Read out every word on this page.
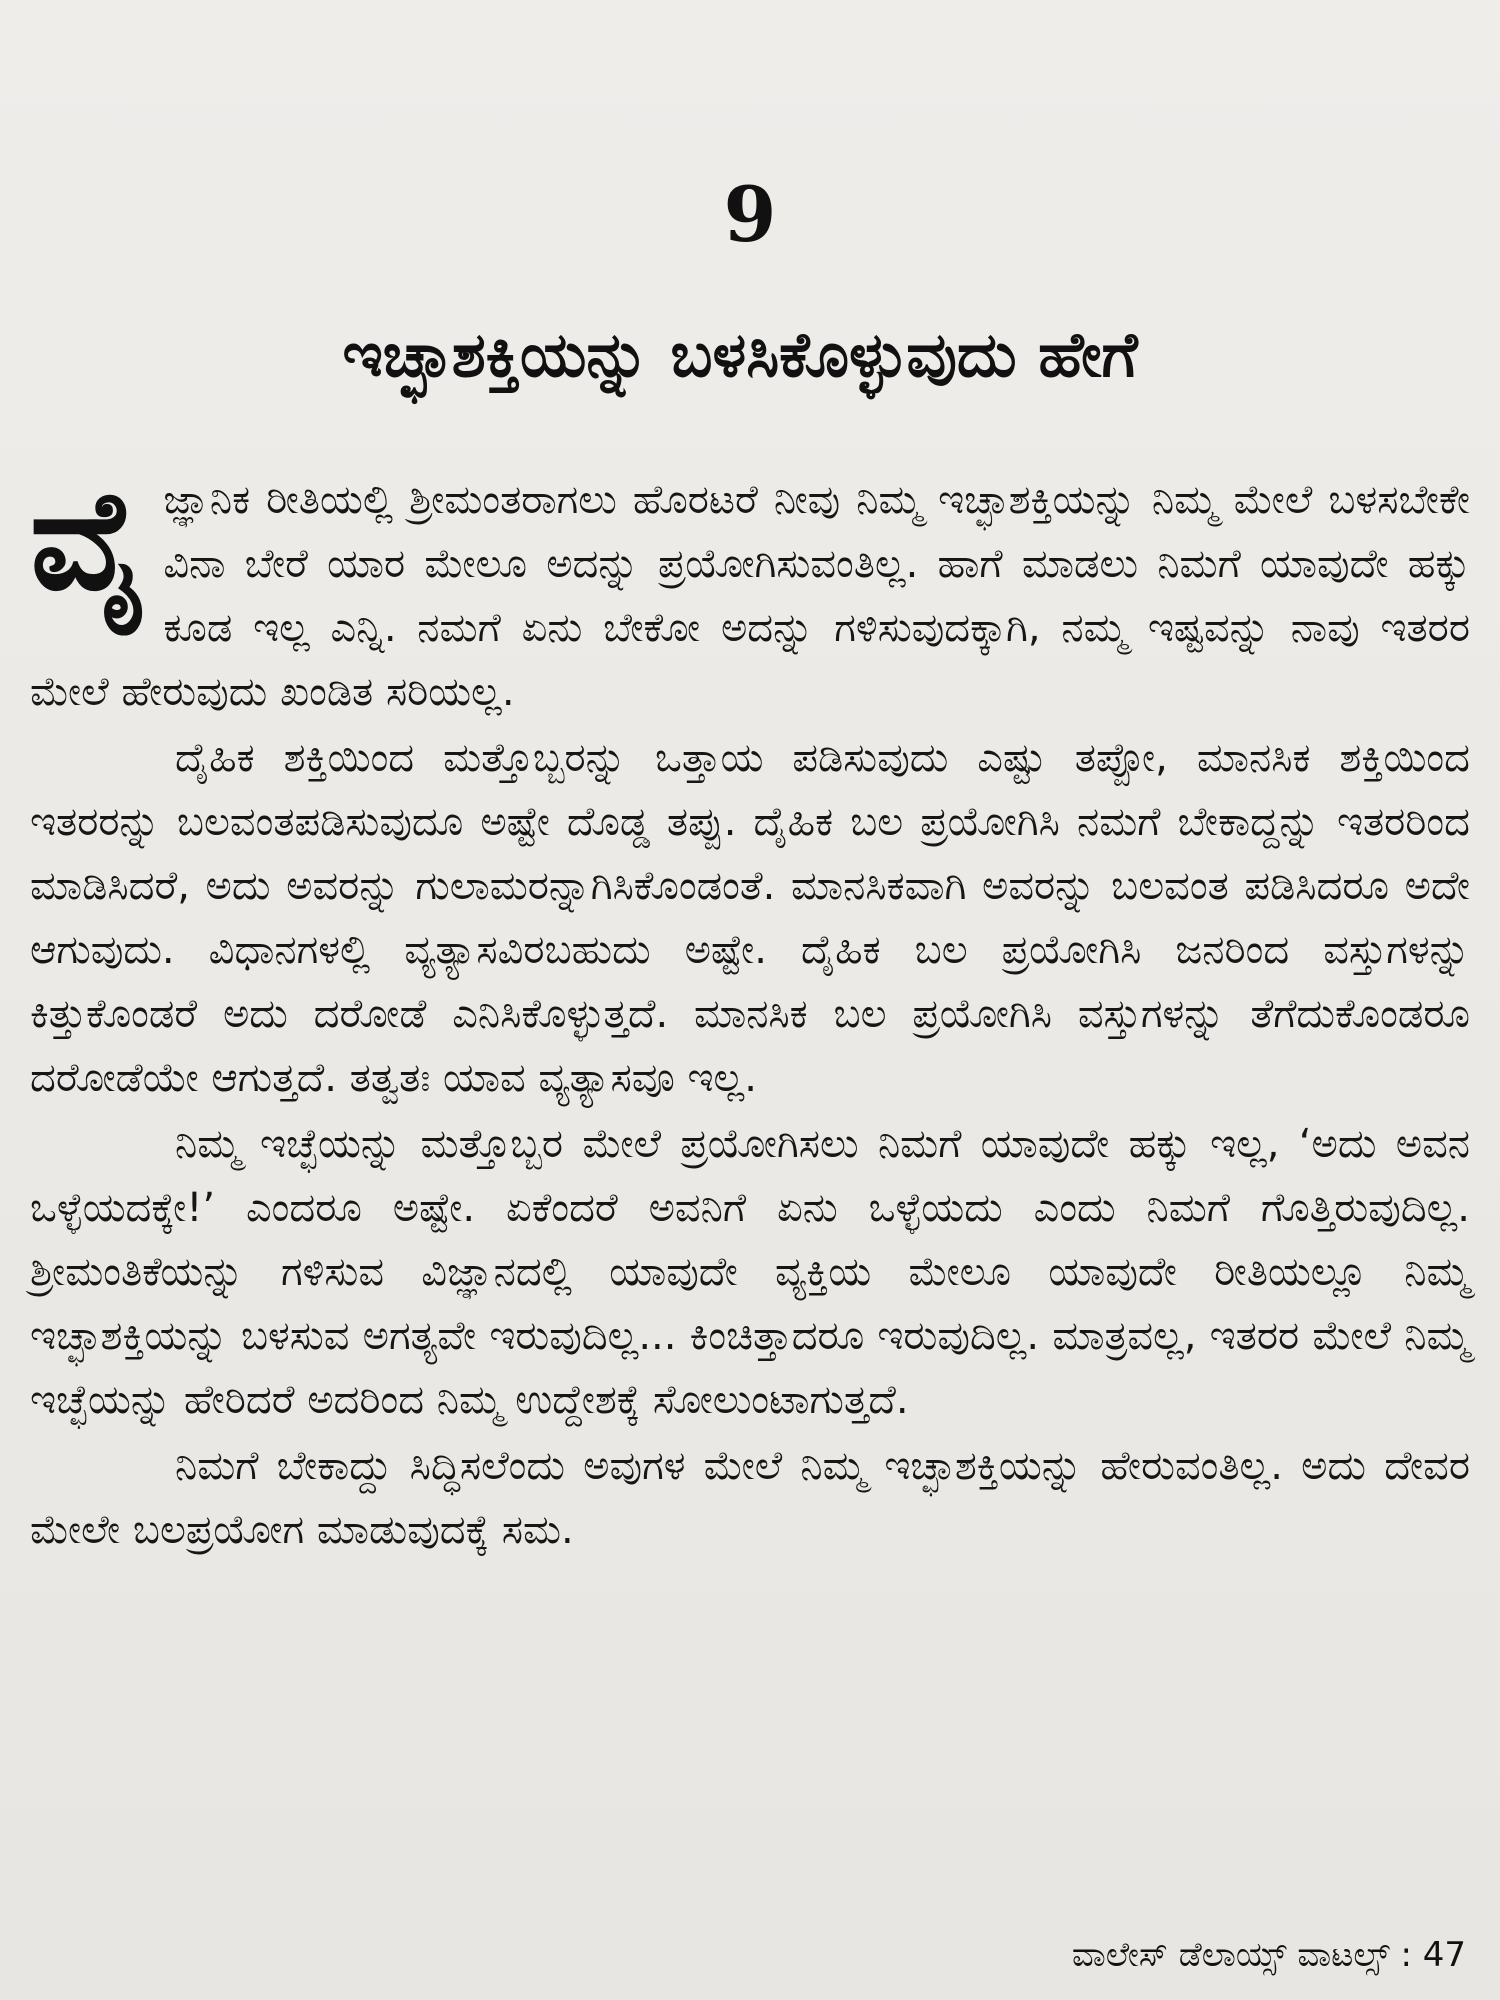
9
ಇಚ್ಛಾಶಕ್ತಿಯನ್ನು ಬಳಸಿಕೊಳ್ಳುವುದು ಹೇಗೆ

ವೈಜ್ಞಾನಿಕ ರೀತಿಯಲ್ಲಿ ಶ್ರೀಮಂತರಾಗಲು ಹೊರಟರೆ ನೀವು ನಿಮ್ಮ ಇಚ್ಛಾಶಕ್ತಿಯನ್ನು ನಿಮ್ಮ ಮೇಲೆ ಬಳಸಬೇಕೇ ವಿನಾ ಬೇರೆ ಯಾರ ಮೇಲೂ ಅದನ್ನು ಪ್ರಯೋಗಿಸುವಂತಿಲ್ಲ. ಹಾಗೆ ಮಾಡಲು ನಿಮಗೆ ಯಾವುದೇ ಹಕ್ಕು ಕೂಡ ಇಲ್ಲ ಎನ್ನಿ. ನಮಗೆ ಏನು ಬೇಕೋ ಅದನ್ನು ಗಳಿಸುವುದಕ್ಕಾಗಿ, ನಮ್ಮ ಇಷ್ಟವನ್ನು ನಾವು ಇತರರ ಮೇಲೆ ಹೇರುವುದು ಖಂಡಿತ ಸರಿಯಲ್ಲ.

ದೈಹಿಕ ಶಕ್ತಿಯಿಂದ ಮತ್ತೊಬ್ಬರನ್ನು ಒತ್ತಾಯ ಪಡಿಸುವುದು ಎಷ್ಟು ತಪ್ಪೋ, ಮಾನಸಿಕ ಶಕ್ತಿಯಿಂದ ಇತರರನ್ನು ಬಲವಂತಪಡಿಸುವುದೂ ಅಷ್ಟೇ ದೊಡ್ಡ ತಪ್ಪು. ದೈಹಿಕ ಬಲ ಪ್ರಯೋಗಿಸಿ ನಮಗೆ ಬೇಕಾದ್ದನ್ನು ಇತರರಿಂದ ಮಾಡಿಸಿದರೆ, ಅದು ಅವರನ್ನು ಗುಲಾಮರನ್ನಾಗಿಸಿಕೊಂಡಂತೆ. ಮಾನಸಿಕವಾಗಿ ಅವರನ್ನು ಬಲವಂತ ಪಡಿಸಿದರೂ ಅದೇ ಆಗುವುದು. ವಿಧಾನಗಳಲ್ಲಿ ವ್ಯತ್ಯಾಸವಿರಬಹುದು ಅಷ್ಟೇ. ದೈಹಿಕ ಬಲ ಪ್ರಯೋಗಿಸಿ ಜನರಿಂದ ವಸ್ತುಗಳನ್ನು ಕಿತ್ತುಕೊಂಡರೆ ಅದು ದರೋಡೆ ಎನಿಸಿಕೊಳ್ಳುತ್ತದೆ. ಮಾನಸಿಕ ಬಲ ಪ್ರಯೋಗಿಸಿ ವಸ್ತುಗಳನ್ನು ತೆಗೆದುಕೊಂಡರೂ ದರೋಡೆಯೇ ಆಗುತ್ತದೆ. ತತ್ವತಃ ಯಾವ ವ್ಯತ್ಯಾಸವೂ ಇಲ್ಲ.

ನಿಮ್ಮ ಇಚ್ಛೆಯನ್ನು ಮತ್ತೊಬ್ಬರ ಮೇಲೆ ಪ್ರಯೋಗಿಸಲು ನಿಮಗೆ ಯಾವುದೇ ಹಕ್ಕು ಇಲ್ಲ, ‘ಅದು ಅವನ ಒಳ್ಳೆಯದಕ್ಕೇ!’ ಎಂದರೂ ಅಷ್ಟೇ. ಏಕೆಂದರೆ ಅವನಿಗೆ ಏನು ಒಳ್ಳೆಯದು ಎಂದು ನಿಮಗೆ ಗೊತ್ತಿರುವುದಿಲ್ಲ. ಶ್ರೀಮಂತಿಕೆಯನ್ನು ಗಳಿಸುವ ವಿಜ್ಞಾನದಲ್ಲಿ ಯಾವುದೇ ವ್ಯಕ್ತಿಯ ಮೇಲೂ ಯಾವುದೇ ರೀತಿಯಲ್ಲೂ ನಿಮ್ಮ ಇಚ್ಛಾಶಕ್ತಿಯನ್ನು ಬಳಸುವ ಅಗತ್ಯವೇ ಇರುವುದಿಲ್ಲ... ಕಿಂಚಿತ್ತಾದರೂ ಇರುವುದಿಲ್ಲ. ಮಾತ್ರವಲ್ಲ, ಇತರರ ಮೇಲೆ ನಿಮ್ಮ ಇಚ್ಛೆಯನ್ನು ಹೇರಿದರೆ ಅದರಿಂದ ನಿಮ್ಮ ಉದ್ದೇಶಕ್ಕೆ ಸೋಲುಂಟಾಗುತ್ತದೆ.

ನಿಮಗೆ ಬೇಕಾದ್ದು ಸಿದ್ಧಿಸಲೆಂದು ಅವುಗಳ ಮೇಲೆ ನಿಮ್ಮ ಇಚ್ಛಾಶಕ್ತಿಯನ್ನು ಹೇರುವಂತಿಲ್ಲ. ಅದು ದೇವರ ಮೇಲೇ ಬಲಪ್ರಯೋಗ ಮಾಡುವುದಕ್ಕೆ ಸಮ.

ವಾಲೇಸ್ ಡೆಲಾಯ್ಸ್ ವಾಟಲ್ಸ್ : 47
